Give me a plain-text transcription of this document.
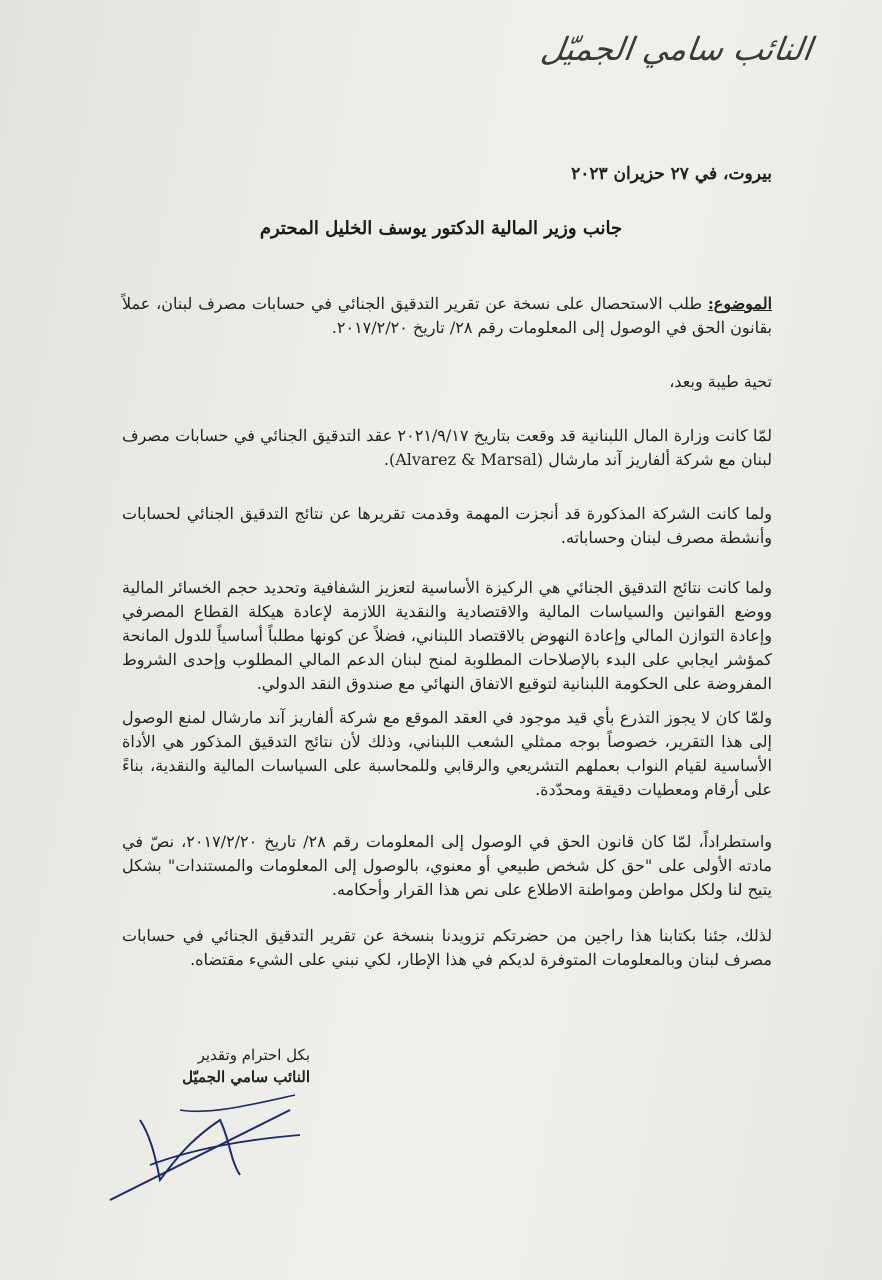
النائب سامي الجميّل
بيروت، في ٢٧ حزيران ٢٠٢٣
جانب وزير المالية الدكتور يوسف الخليل المحترم
الموضوع: طلب الاستحصال على نسخة عن تقرير التدقيق الجنائي في حسابات مصرف لبنان، عملاً بقانون الحق في الوصول إلى المعلومات رقم ٢٨/ تاريخ ٢٠١٧/٢/٢٠.
تحية طيبة وبعد،
لمّا كانت وزارة المال اللبنانية قد وقعت بتاريخ ٢٠٢١/٩/١٧ عقد التدقيق الجنائي في حسابات مصرف لبنان مع شركة ألفاريز آند مارشال (Alvarez & Marsal).
ولما كانت الشركة المذكورة قد أنجزت المهمة وقدمت تقريرها عن نتائج التدقيق الجنائي لحسابات وأنشطة مصرف لبنان وحساباته.
ولما كانت نتائج التدقيق الجنائي هي الركيزة الأساسية لتعزيز الشفافية وتحديد حجم الخسائر المالية ووضع القوانين والسياسات المالية والاقتصادية والنقدية اللازمة لإعادة هيكلة القطاع المصرفي وإعادة التوازن المالي وإعادة النهوض بالاقتصاد اللبناني، فضلاً عن كونها مطلباً أساسياً للدول المانحة كمؤشر ايجابي على البدء بالإصلاحات المطلوبة لمنح لبنان الدعم المالي المطلوب وإحدى الشروط المفروضة على الحكومة اللبنانية لتوقيع الاتفاق النهائي مع صندوق النقد الدولي.
ولمّا كان لا يجوز التذرع بأي قيد موجود في العقد الموقع مع شركة ألفاريز آند مارشال لمنع الوصول إلى هذا التقرير، خصوصاً بوجه ممثلي الشعب اللبناني، وذلك لأن نتائج التدقيق المذكور هي الأداة الأساسية لقيام النواب بعملهم التشريعي والرقابي وللمحاسبة على السياسات المالية والنقدية، بناءً على أرقام ومعطيات دقيقة ومحدّدة.
واستطراداً، لمّا كان قانون الحق في الوصول إلى المعلومات رقم ٢٨/ تاريخ ٢٠١٧/٢/٢٠، نصّ في مادته الأولى على "حق كل شخص طبيعي أو معنوي، بالوصول إلى المعلومات والمستندات" بشكل يتيح لنا ولكل مواطن ومواطنة الاطلاع على نص هذا القرار وأحكامه.
لذلك، جئنا بكتابنا هذا راجين من حضرتكم تزويدنا بنسخة عن تقرير التدقيق الجنائي في حسابات مصرف لبنان وبالمعلومات المتوفرة لديكم في هذا الإطار، لكي نبني على الشيء مقتضاه.
بكل احترام وتقدير
النائب سامي الجميّل
